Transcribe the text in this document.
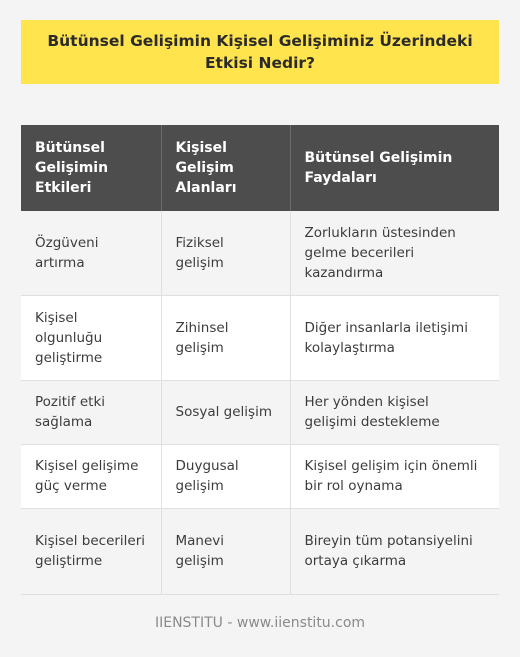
Bütünsel Gelişimin Kişisel Gelişiminiz Üzerindeki Etkisi Nedir?
Bütünsel Gelişimin Etkileri	Kişisel Gelişim Alanları	Bütünsel Gelişimin Faydaları
Özgüveni artırma	Fiziksel gelişim	Zorlukların üstesinden gelme becerileri kazandırma
Kişisel olgunluğu geliştirme	Zihinsel gelişim	Diğer insanlarla iletişimi kolaylaştırma
Pozitif etki sağlama	Sosyal gelişim	Her yönden kişisel gelişimi destekleme
Kişisel gelişime güç verme	Duygusal gelişim	Kişisel gelişim için önemli bir rol oynama
Kişisel becerileri geliştirme	Manevi gelişim	Bireyin tüm potansiyelini ortaya çıkarma
IIENSTITU - www.iienstitu.com
